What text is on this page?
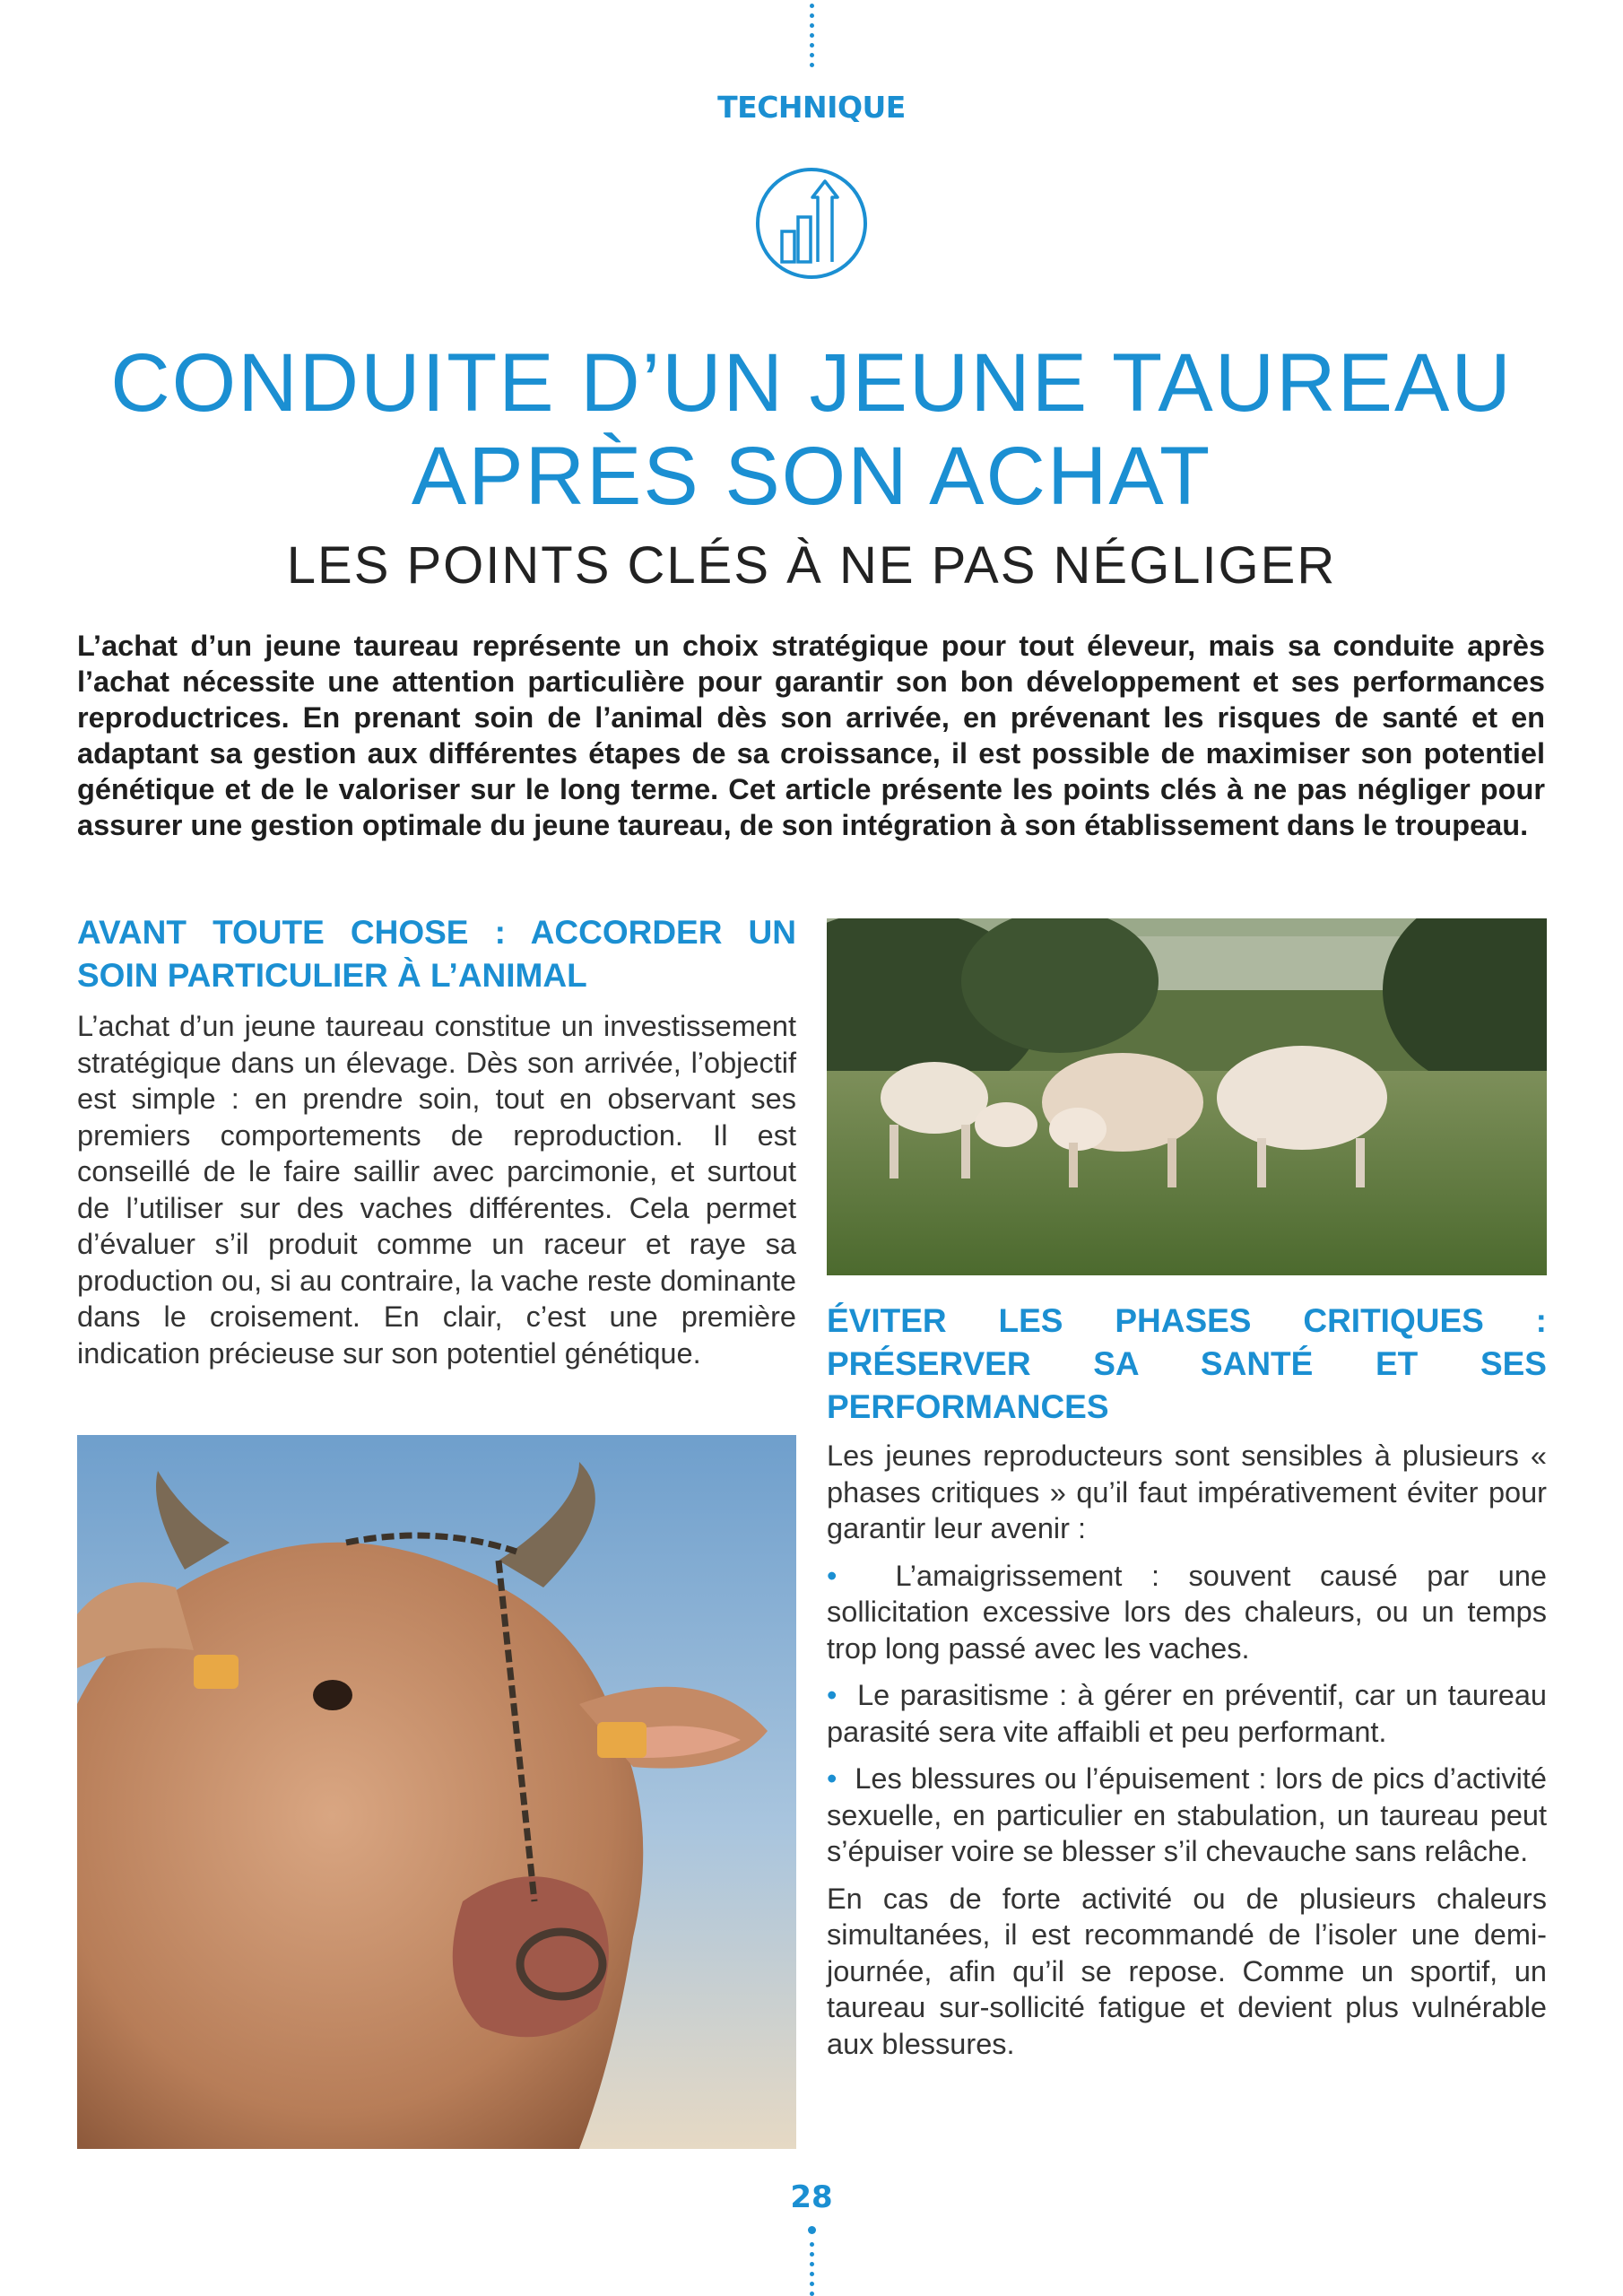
TECHNIQUE
CONDUITE D’UN JEUNE TAUREAU
APRÈS SON ACHAT
LES POINTS CLÉS À NE PAS NÉGLIGER

L’achat d’un jeune taureau représente un choix stratégique pour tout éleveur, mais sa conduite après l’achat nécessite une attention particulière pour garantir son bon développement et ses performances reproductrices. En prenant soin de l’animal dès son arrivée, en prévenant les risques de santé et en adaptant sa gestion aux différentes étapes de sa croissance, il est possible de maximiser son potentiel génétique et de le valoriser sur le long terme. Cet article présente les points clés à ne pas négliger pour assurer une gestion optimale du jeune taureau, de son intégration à son établissement dans le troupeau.

AVANT TOUTE CHOSE : ACCORDER UN SOIN PARTICULIER À L’ANIMAL

L’achat d’un jeune taureau constitue un investissement stratégique dans un élevage. Dès son arrivée, l’objectif est simple : en prendre soin, tout en observant ses premiers comportements de reproduction. Il est conseillé de le faire saillir avec parcimonie, et surtout de l’utiliser sur des vaches différentes. Cela permet d’évaluer s’il produit comme un raceur et raye sa production ou, si au contraire, la vache reste dominante dans le croisement. En clair, c’est une première indication précieuse sur son potentiel génétique.

ÉVITER LES PHASES CRITIQUES : PRÉSERVER SA SANTÉ ET SES PERFORMANCES

Les jeunes reproducteurs sont sensibles à plusieurs « phases critiques » qu’il faut impérativement éviter pour garantir leur avenir :

• L’amaigrissement : souvent causé par une sollicitation excessive lors des chaleurs, ou un temps trop long passé avec les vaches.

• Le parasitisme : à gérer en préventif, car un taureau parasité sera vite affaibli et peu performant.

• Les blessures ou l’épuisement : lors de pics d’activité sexuelle, en particulier en stabulation, un taureau peut s’épuiser voire se blesser s’il chevauche sans relâche.

En cas de forte activité ou de plusieurs chaleurs simultanées, il est recommandé de l’isoler une demi-journée, afin qu’il se repose. Comme un sportif, un taureau sur-sollicité fatigue et devient plus vulnérable aux blessures.

28
